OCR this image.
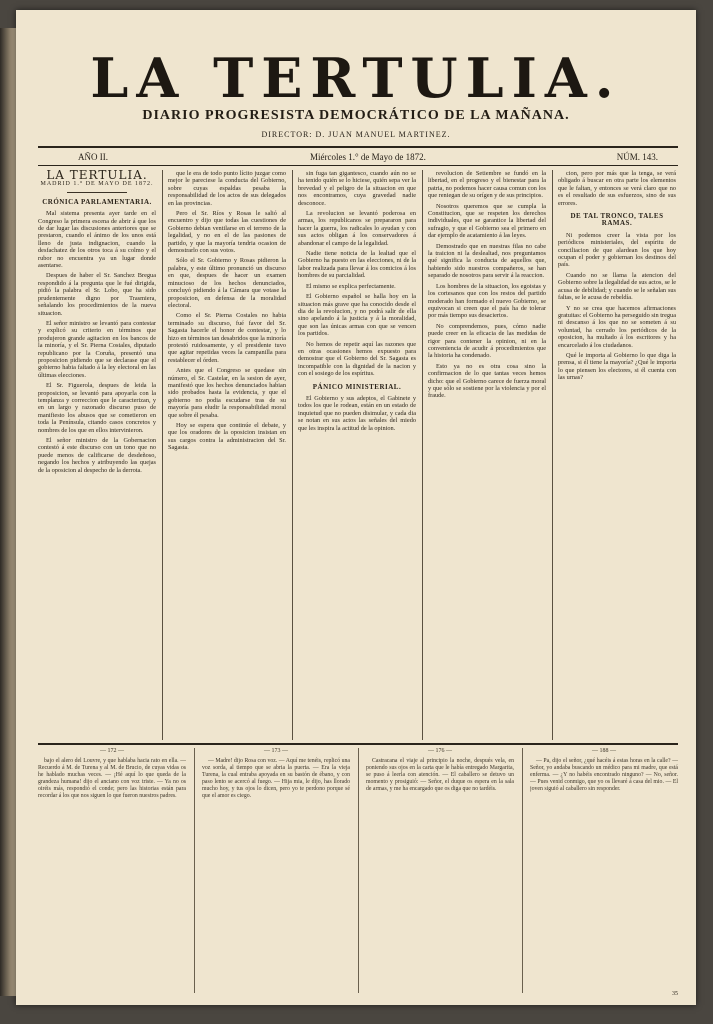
LA TERTULIA.
DIARIO PROGRESISTA DEMOCRÁTICO DE LA MAÑANA.
DIRECTOR: D. JUAN MANUEL MARTINEZ.
AÑO II.	Miércoles 1.° de Mayo de 1872.	NÚM. 143.
LA TERTULIA.
MADRID 1.° DE MAYO DE 1872.
CRÓNICA PARLAMENTARIA.

Mal sistema presenta ayer tarde en el Congreso la primera escena de abrir á que los de dar lugar las discusiones anteriores que se prestaron, cuando el ánimo de los unos está lleno de justa indignacion, cuando la desfachatez de los otros toca á su colmo y el rubor no encuentra ya un lugar donde asentarse.

Despues de haber el Sr. Sanchez Bregua respondido á la pregunta que le fué dirigida, pidió la palabra el Sr. Lobo, que ha sido prudentemente digno por Trasmiera, señalando los procedimientos de la nueva situacion.

El señor ministro se levantó para contestar y explicó su criterio en términos que produjeron grande agitacion en los bancos de la minoría, y el Sr. Pierna Costales, diputado republicano por la Coruña, presentó una proposicion pidiendo que se declarase que el gobierno habia faltado á la ley electoral en las últimas elecciones.

El Sr. Figuerola, despues de leida la proposicion, se levantó para apoyarla con la templanza y correccion que le caracterizan, y en un largo y razonado discurso puso de manifiesto los abusos que se cometieron en toda la Península, citando casos concretos y nombres de los que en ellos intervinieron.

El señor ministro de la Gobernacion contestó á este discurso con un tono que no puede menos de calificarse de desdeñoso, negando los hechos y atribuyendo las quejas de la oposicion al despecho de la derrota.

que le era de todo punto lícito juzgar como mejor le pareciese la conducta del Gobierno, sobre cuyas espaldas pesaba la responsabilidad de los actos de sus delegados en las provincias.

Pero el Sr. Ríos y Rosas le salió al encuentro y dijo que todas las cuestiones de Gobierno debian ventilarse en el terreno de la legalidad, y no en el de las pasiones de partido, y que la mayoría tendria ocasion de demostrarlo con sus votos.

Sólo el Sr. Gobierno y Rosas pidieron la palabra, y este último pronunció un discurso en que, despues de hacer un examen minucioso de los hechos denunciados, concluyó pidiendo á la Cámara que votase la proposicion, en defensa de la moralidad electoral.

Como el Sr. Pierna Costales no habia terminado su discurso, fué favor del Sr. Sagasta hacerle el honor de contestar, y lo hizo en términos tan desabridos que la minoría protestó ruidosamente, y el presidente tuvo que agitar repetidas veces la campanilla para restablecer el órden.

Antes que el Congreso se quedase sin número, el Sr. Castelar, en la sesion de ayer, manifestó que los hechos denunciados habian sido probados hasta la evidencia, y que el gobierno no podia escudarse tras de su mayoría para eludir la responsabilidad moral que sobre él pesaba.

Hoy se espera que continúe el debate, y que los oradores de la oposicion insistan en sus cargos contra la administracion del Sr. Sagasta.

sin fuga tan gigantesco, cuando aún no se ha tenido quién se lo hiciese, quién sepa ver la brevedad y el peligro de la situacion en que nos encontramos, cuya gravedad nadie desconoce.

La revolucion se levantó poderosa en armas, los republicanos se prepararon para hacer la guerra, los radicales lo ayudan y con sus actos obligan á los conservadores á abandonar el campo de la legalidad.

Nadie tiene noticia de la lealtad que el Gobierno ha puesto en las elecciones, ni de la labor realizada para llevar á los comicios á los hombres de su parcialidad.

El mismo se explica perfectamente.

El Gobierno español se halla hoy en la situacion más grave que ha conocido desde el dia de la revolucion, y no podrá salir de ella sino apelando á la justicia y á la moralidad, que son las únicas armas con que se vencen los partidos.

No hemos de repetir aquí las razones que en otras ocasiones hemos expuesto para demostrar que el Gobierno del Sr. Sagasta es incompatible con la dignidad de la nacion y con el sosiego de los espíritus.

PÁNICO MINISTERIAL.

El Gobierno y sus adeptos, el Gabinete y todos los que le rodean, están en un estado de inquietud que no pueden disimular, y cada dia se notan en sus actos las señales del miedo que les inspira la actitud de la opinion.

revolucion de Setiembre se fundó en la libertad, en el progreso y el bienestar para la patria, no podemos hacer causa comun con los que reniegan de su orígen y de sus principios.

Nosotros queremos que se cumpla la Constitucion, que se respeten los derechos individuales, que se garantice la libertad del sufragio, y que el Gobierno sea el primero en dar ejemplo de acatamiento á las leyes.

Demostrado que en nuestras filas no cabe la traicion ni la deslealtad, nos preguntamos qué significa la conducta de aquellos que, habiendo sido nuestros compañeros, se han separado de nosotros para servir á la reaccion.

Los hombres de la situacion, los egoistas y los cortesanos que con los restos del partido moderado han formado el nuevo Gobierno, se equivocan si creen que el país ha de tolerar por más tiempo sus desaciertos.

No comprendemos, pues, cómo nadie puede creer en la eficacia de las medidas de rigor para contener la opinion, ni en la conveniencia de acudir á procedimientos que la historia ha condenado.

Esto ya no es otra cosa sino la confirmacion de lo que tantas veces hemos dicho: que el Gobierno carece de fuerza moral y que sólo se sostiene por la violencia y por el fraude.

cion, pero por más que la tenga, se verá obligado á buscar en otra parte los elementos que le faltan, y entonces se verá claro que no es el resultado de sus esfuerzos, sino de sus errores.

DE TAL TRONCO, TALES RAMAS.

Ni podemos creer la vista por los periódicos ministeriales, del espíritu de conciliacion de que alardean los que hoy ocupan el poder y gobiernan los destinos del país.

Cuando no se llama la atencion del Gobierno sobre la ilegalidad de sus actos, se le acusa de debilidad; y cuando se le señalan sus faltas, se le acusa de rebeldía.

Y no se crea que hacemos afirmaciones gratuitas: el Gobierno ha perseguido sin tregua ni descanso á los que no se someten á su voluntad, ha cerrado los periódicos de la oposicion, ha multado á los escritores y ha encarcelado á los ciudadanos.

Qué le importa al Gobierno lo que diga la prensa, si él tiene la mayoría? ¿Qué le importa lo que piensen los electores, si él cuenta con las urnas?

— 172 —

bajo el alero del Louvre, y que hablaba hacia rato en ella. — Recuerdo á M. de Turena y al M. de Brucio, de cuyas vidas os he hablado muchas veces. — ¡Hé aquí lo que queda de la grandeza humana! dijo el anciano con voz triste. — Ya no os oiréis más, respondió el conde; pero las historias están para recordar á los que nos siguen lo que fueron nuestros padres.

— 173 —

— Madre! dijo Rosa con voz. — Aquí me tenéis, replicó una voz sorda, al tiempo que se abria la puerta. — Era la vieja Turena, la cual entraba apoyada en su bastón de ébano, y con paso lento se acercó al fuego. — Hija mia, le dijo, has llorado mucho hoy, y tus ojos lo dicen, pero yo te perdono porque sé que el amor es ciego.

— 176 —

Castracana el viaje al principio la noche, después vela, en poniendo sus ojos en la carta que le había entregado Margarita, se puso á leerla con atención. — El caballero se detuvo un momento y prosiguió: — Señor, el duque os espera en la sala de armas, y me ha encargado que os diga que no tardéis.

— 188 —

— Pa, dijo el señor, ¿qué hacéis á estas horas en la calle? — Señor, yo andaba buscando un médico para mi madre, que está enferma. — ¿Y no habéis encontrado ninguno? — No, señor. — Pues venid conmigo, que yo os llevaré á casa del mio. — El joven siguió al caballero sin responder.

35
